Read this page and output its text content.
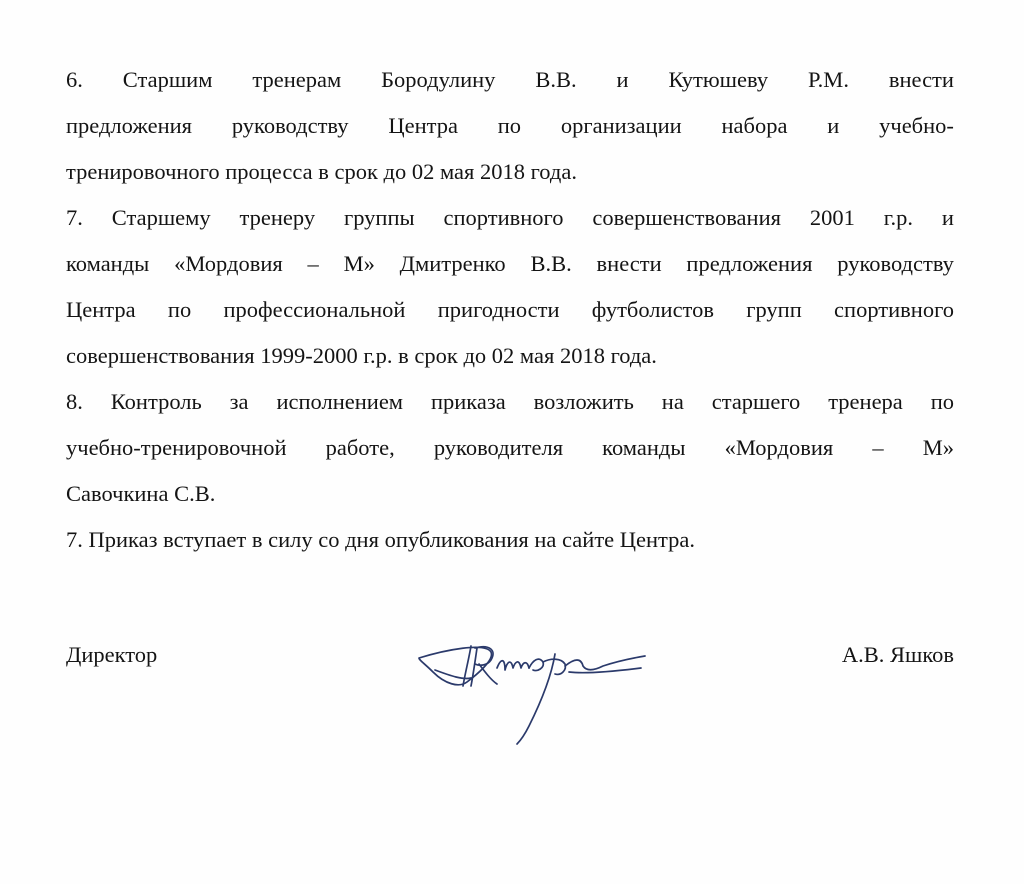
6. Старшим тренерам Бородулину В.В. и Кутюшеву Р.М. внести
предложения руководству Центра по организации набора и учебно-
тренировочного процесса в срок до 02 мая 2018 года.
7. Старшему тренеру группы спортивного совершенствования 2001 г.р. и
команды «Мордовия – М» Дмитренко В.В. внести предложения руководству
Центра по профессиональной пригодности футболистов групп спортивного
совершенствования 1999-2000 г.р. в срок до 02 мая 2018 года.
8. Контроль за исполнением приказа возложить на старшего тренера по
учебно-тренировочной работе, руководителя команды «Мордовия – М»
Савочкина С.В.
7. Приказ вступает в силу со дня опубликования на сайте Центра.
Директор	А.В. Яшков
